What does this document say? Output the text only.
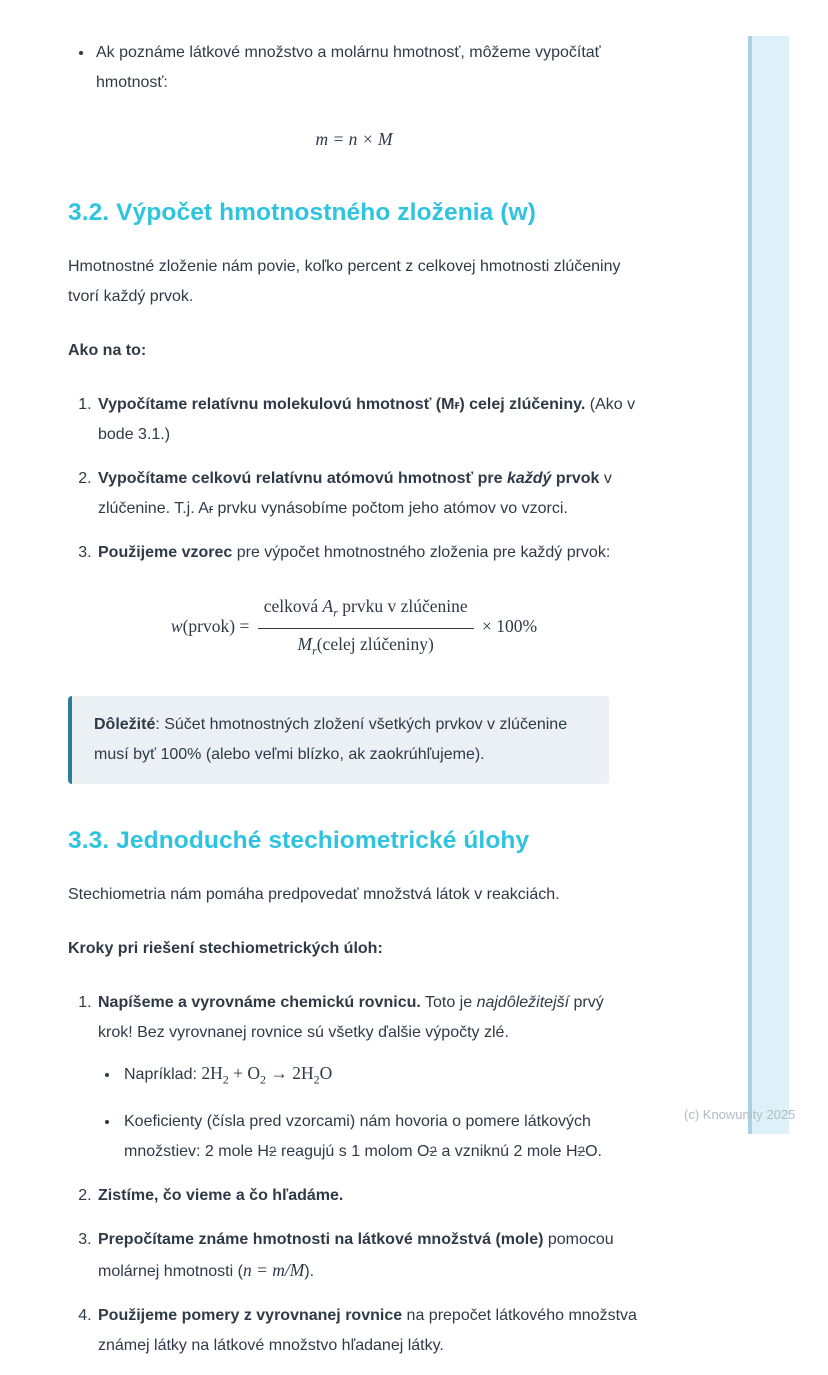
• Ak poznáme látkové množstvo a molárnu hmotnosť, môžeme vypočítať hmotnosť:
m = n × M
3.2. Výpočet hmotnostného zloženia (w)

Hmotnostné zloženie nám povie, koľko percent z celkovej hmotnosti zlúčeniny tvorí každý prvok.

Ako na to:

1. Vypočítame relatívnu molekulovú hmotnosť (Mr) celej zlúčeniny. (Ako v bode 3.1.)
2. Vypočítame celkovú relatívnu atómovú hmotnosť pre každý prvok v zlúčenine. T.j. Ar prvku vynásobíme počtom jeho atómov vo vzorci.
3. Použijeme vzorec pre výpočet hmotnostného zloženia pre každý prvok:
w(prvok) = $\frac{celková A_r prvku v zlúčenine}{M_r(celej zlúčeniny)} \times 100\%$
Dôležité: Súčet hmotnostných zložení všetkých prvkov v zlúčenine musí byť 100% (alebo veľmi blízko, ak zaokrúhľujeme).
3.3. Jednoduché stechiometrické úlohy

Stechiometria nám pomáha predpovedať množstvá látok v reakciách.

Kroky pri riešení stechiometrických úloh:

1. Napíšeme a vyrovnáme chemickú rovnicu. Toto je najdôležitejší prvý krok! Bez vyrovnanej rovnice sú všetky ďalšie výpočty zlé.
• Napríklad: $2H_2 + O_2 \to 2H_2O$
• Koeficienty (čísla pred vzorcami) nám hovoria o pomere látkových množstiev: 2 mole H2 reagujú s 1 molom O2 a vzniknú 2 mole H2O.
2. Zistíme, čo vieme a čo hľadáme.
3. Prepočítame známe hmotnosti na látkové množstvá (mole) pomocou molárnej hmotnosti (n = m/M).
4. Použijeme pomery z vyrovnanej rovnice na prepočet látkového množstva známej látky na látkové množstvo hľadanej látky.
(c) Knowunity 2025
